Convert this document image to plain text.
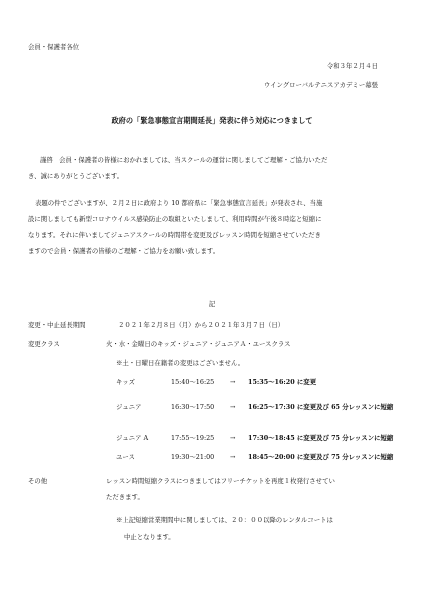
会員・保護者各位
令和３年２月４日
ウイングローバルテニスアカデミー幕張
政府の「緊急事態宣言期間延長」発表に伴う対応につきまして
謹啓　会員・保護者の皆様におかれましては、当スクールの運営に関しましてご理解・ご協力いただ
き、誠にありがとうございます。
表題の件でございますが、２月２日に政府より 10 都府県に「緊急事態宣言延長」が発表され、当施
設に関しましても新型コロナウイルス感染防止の取組といたしまして、利用時間が午後８時迄と短縮に
なります。それに伴いましてジュニアスクールの時間帯を変更及びレッスン時間を短縮させていただき
ますので会員・保護者の皆様のご理解・ご協力をお願い致します。
記
変更・中止延長期間	２０２１年２月８日（月）から２０２１年３月７日（日）
変更クラス	火・水・金曜日のキッズ・ジュニア・ジュニアＡ・ユースクラス
※土・日曜日在籍者の変更はございません。
キッズ	15:40～16:25 → 15:35～16:20 に変更
ジュニア	16:30～17:50 → 16:25～17:30 に変更及び 65 分レッスンに短縮
ジュニア A	17:55～19:25 → 17:30～18:45 に変更及び 75 分レッスンに短縮
ユース	19:30～21:00 → 18:45～20:00 に変更及び 75 分レッスンに短縮
その他	レッスン時間短縮クラスにつきましてはフリーチケットを再度１枚発行させてい
ただきます。
※上記短縮営業期間中に関しましては、２０：００以降のレンタルコートは
中止となります。
